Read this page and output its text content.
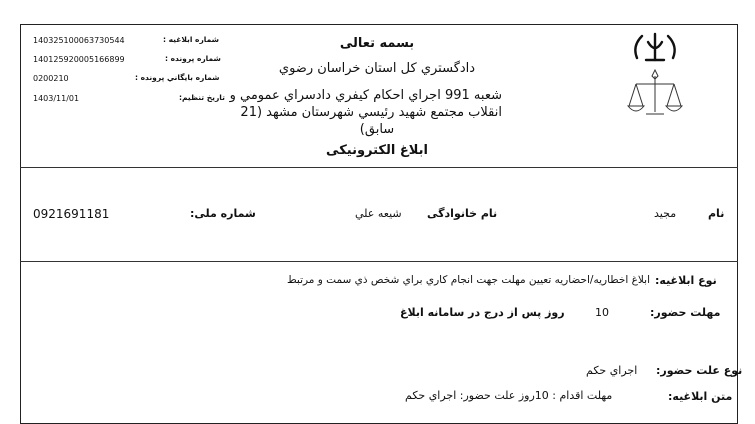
140325100063730544	شماره ابلاغيه :
140125920005166899	شماره پرونده :
0200210	شماره بايگاني پرونده :
1403/11/01	تاريخ تنظيم:
بسمه تعالی
دادگستري كل استان خراسان رضوي
شعبه 991 اجراي احكام كيفري دادسراي عمومي و
انقلاب مجتمع شهيد رئيسي شهرستان مشهد (21
سابق)
ابلاغ الکترونیکی
0921691181	شماره ملی:	شيعه علي نام خانوادگی	مجيد	نام
نوع ابلاغیه:
ابلاغ اخطاريه/احضاريه تعيين مهلت جهت انجام كاري براي شخص ذي سمت و مرتبط
مهلت حضور:
10
روز پس از درج در سامانه ابلاغ
نوع علت حضور:
اجراي حكم
متن ابلاغيه:
مهلت اقدام : 10روز علت حضور: اجراي حكم
